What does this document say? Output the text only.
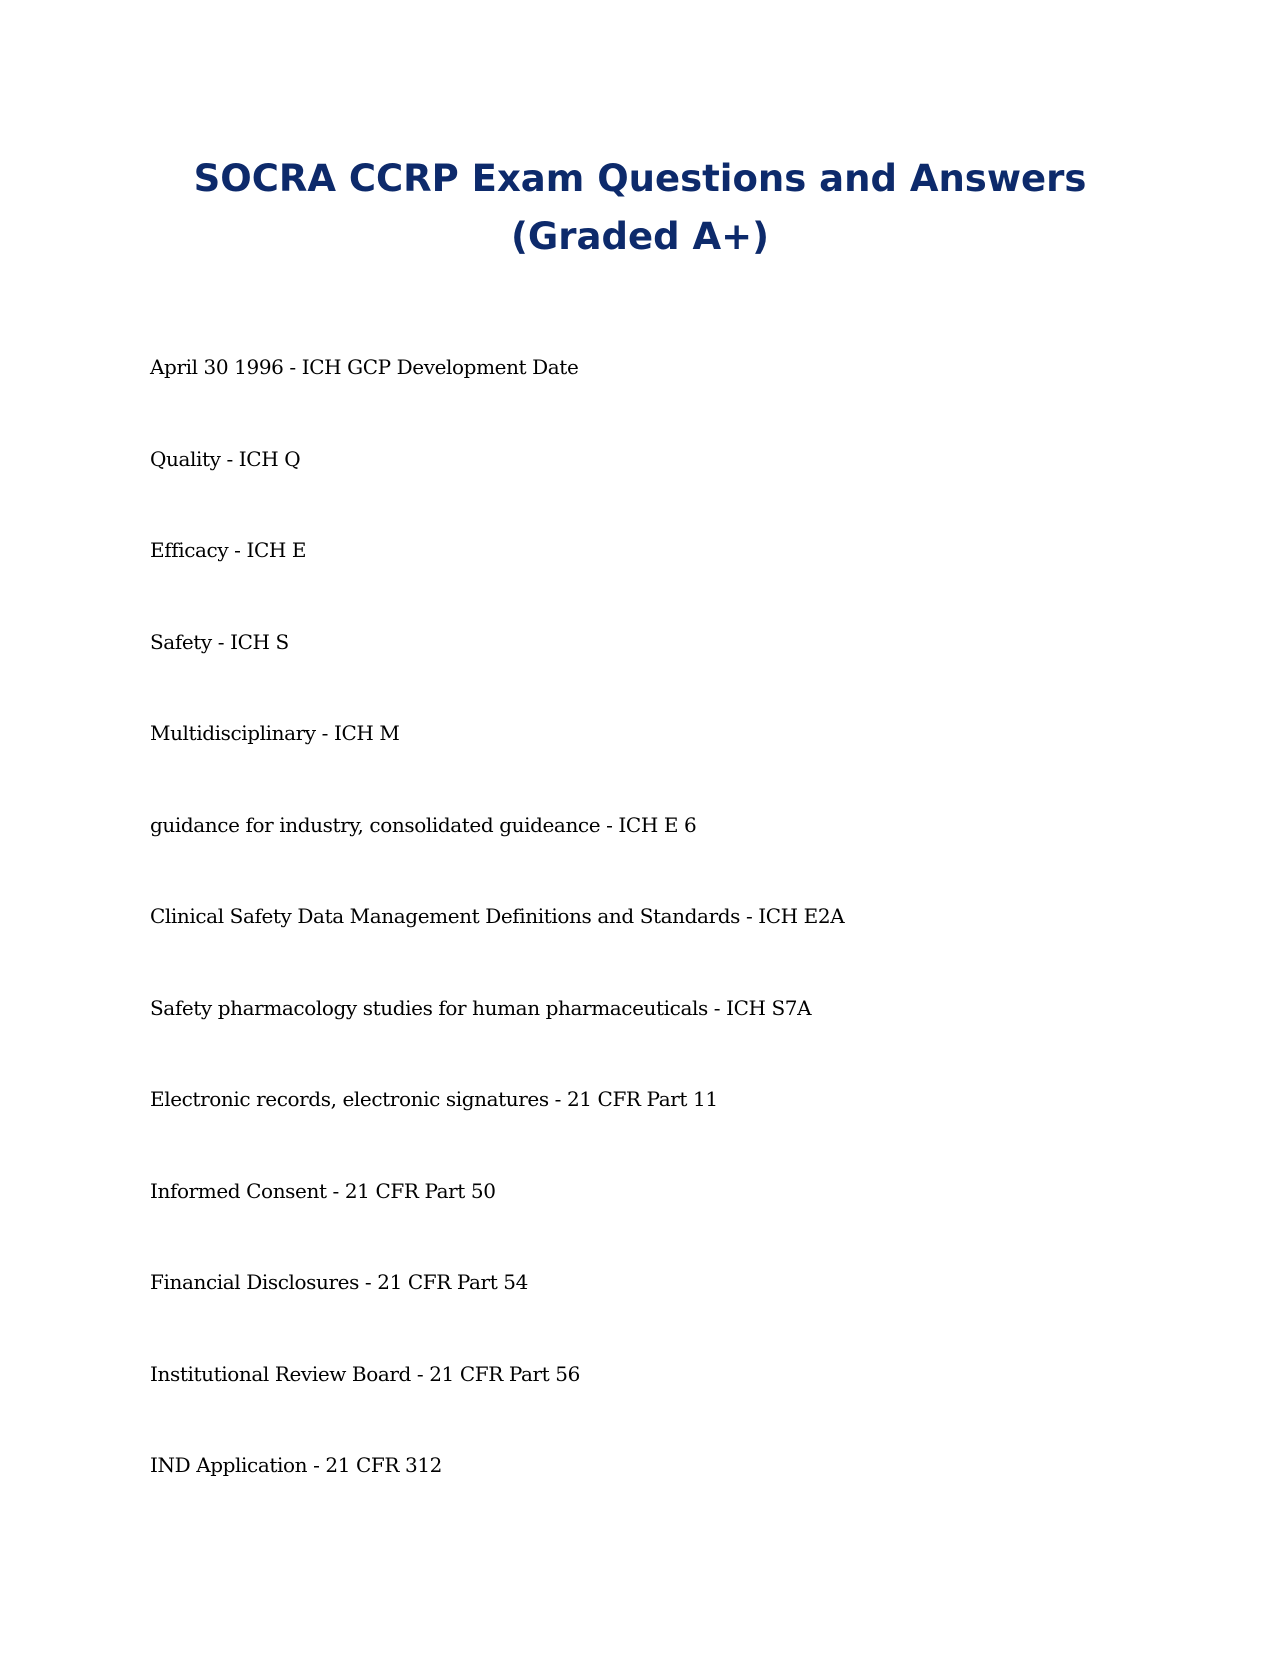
SOCRA CCRP Exam Questions and Answers
(Graded A+)
April 30 1996 - ICH GCP Development Date
Quality - ICH Q
Efficacy - ICH E
Safety - ICH S
Multidisciplinary - ICH M
guidance for industry, consolidated guideance - ICH E 6
Clinical Safety Data Management Definitions and Standards - ICH E2A
Safety pharmacology studies for human pharmaceuticals - ICH S7A
Electronic records, electronic signatures - 21 CFR Part 11
Informed Consent - 21 CFR Part 50
Financial Disclosures - 21 CFR Part 54
Institutional Review Board - 21 CFR Part 56
IND Application - 21 CFR 312
